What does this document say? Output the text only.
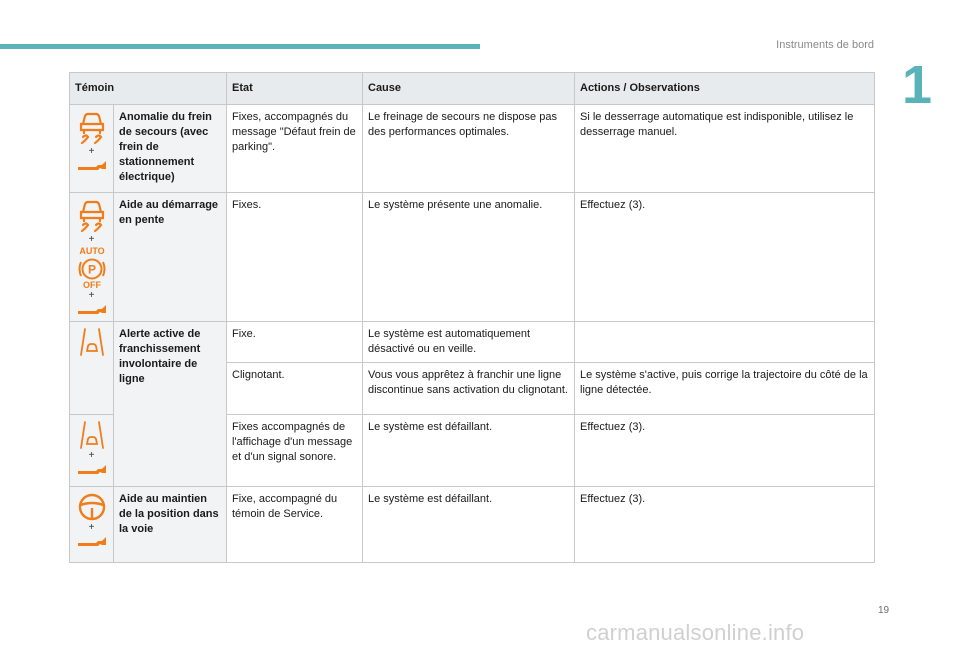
Instruments de bord
1
Témoin		Etat	Cause	Actions / Observations

+	Anomalie du frein de secours (avec frein de stationnement électrique)	Fixes, accompagnés du message "Défaut frein de parking".	Le freinage de secours ne dispose pas des performances optimales.	Si le desserrage automatique est indisponible, utilisez le desserrage manuel.

+
AUTO
P
OFF
+	Aide au démarrage en pente	Fixes.	Le système présente une anomalie.	Effectuez (3).

	Alerte active de franchissement involontaire de ligne	Fixe.	Le système est automatiquement désactivé ou en veille.	
		Clignotant.	Vous vous apprêtez à franchir une ligne discontinue sans activation du clignotant.	Le système s'active, puis corrige la trajectoire du côté de la ligne détectée.

+		Fixes accompagnés de l'affichage d'un message et d'un signal sonore.	Le système est défaillant.	Effectuez (3).

+	Aide au maintien de la position dans la voie	Fixe, accompagné du témoin de Service.	Le système est défaillant.	Effectuez (3).
19
carmanualsonline.info
